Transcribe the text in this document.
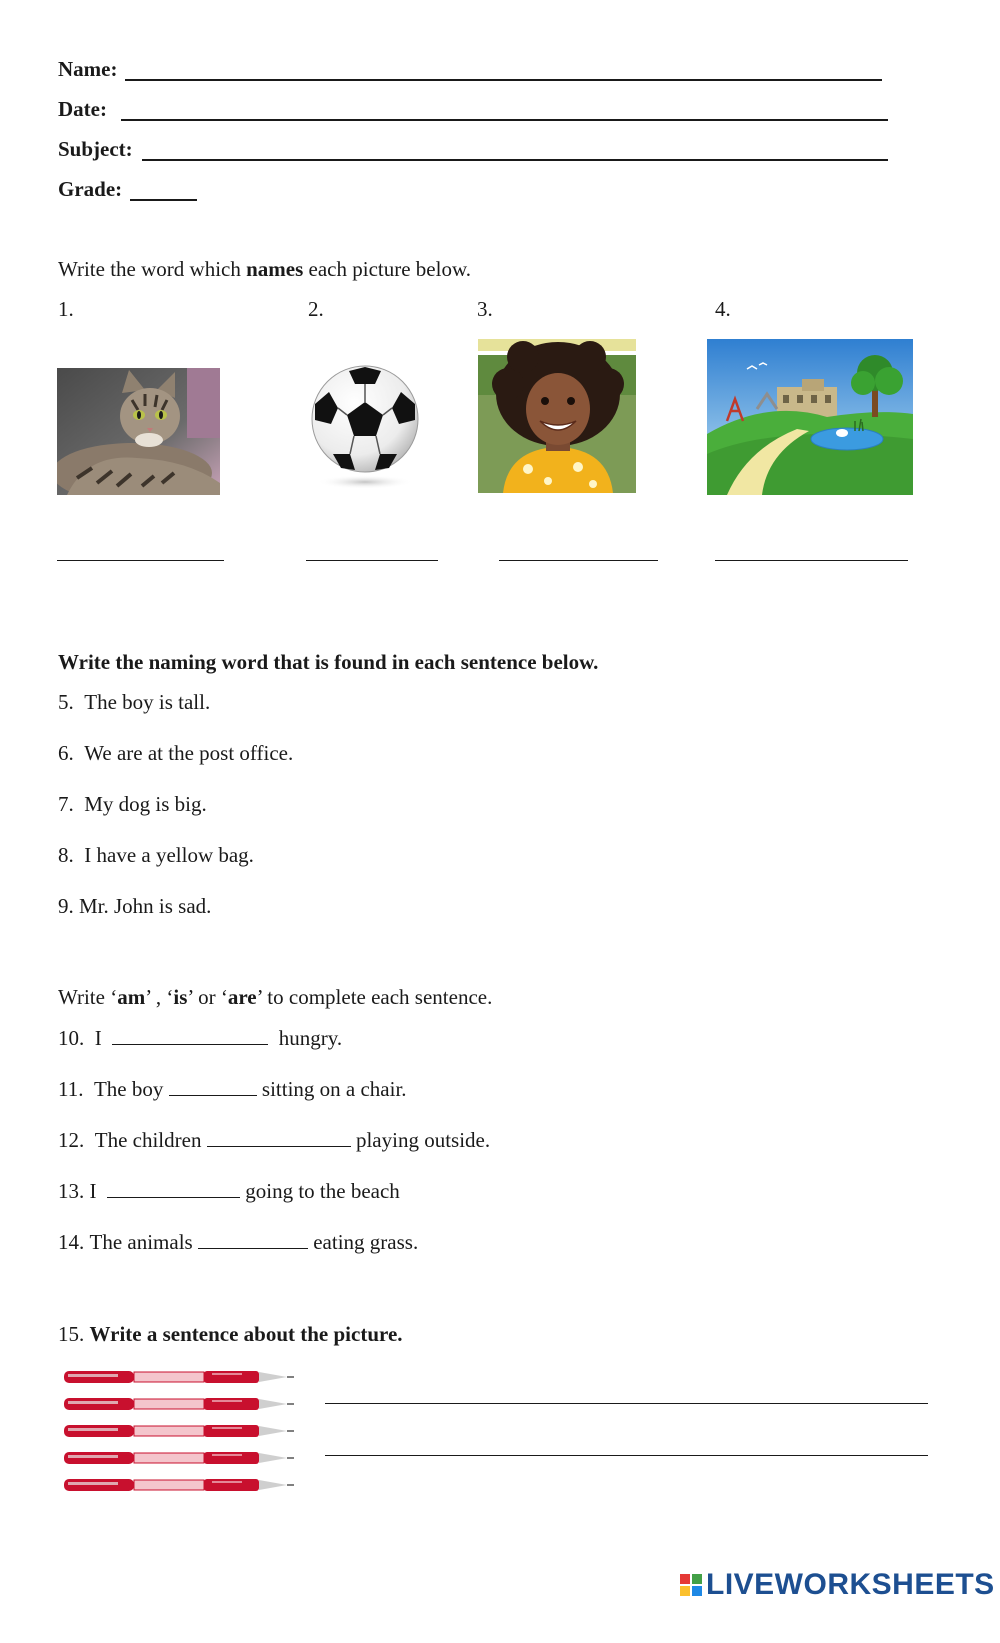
Name:
Date:
Subject:
Grade:
Write the word which names each picture below.
1.	2.	3.	4.
Write the naming word that is found in each sentence below.
5. The boy is tall.
6. We are at the post office.
7. My dog is big.
8. I have a yellow bag.
9. Mr. John is sad.
Write ‘am’ , ‘is’ or ‘are’ to complete each sentence.
10. I	hungry.
11. The boy	sitting on a chair.
12. The children	playing outside.
13. I	going to the beach
14. The animals	eating grass.
15. Write a sentence about the picture.
LIVEWORKSHEETS
